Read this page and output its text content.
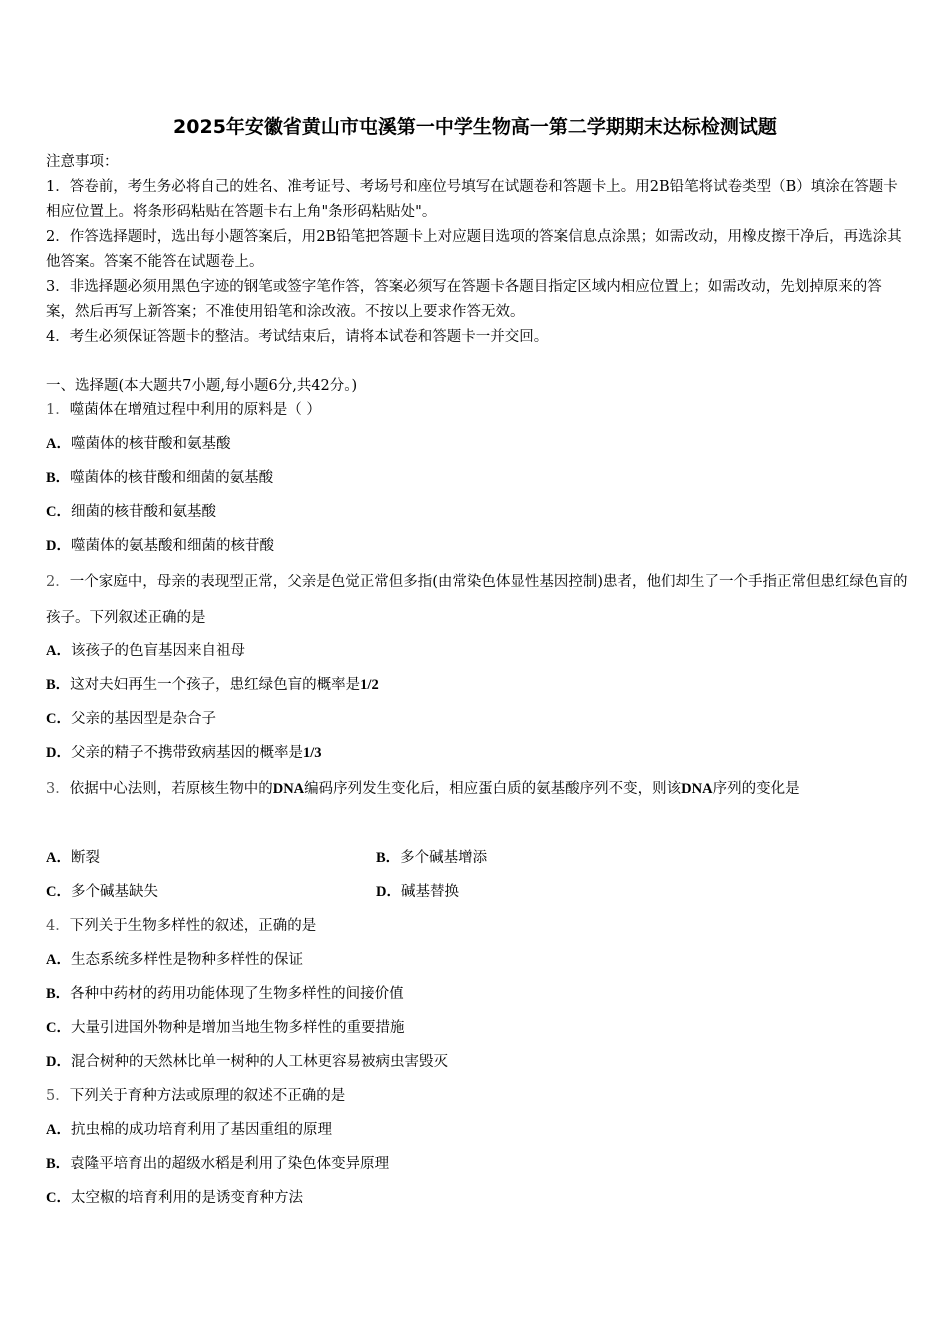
2025年安徽省黄山市屯溪第一中学生物高一第二学期期末达标检测试题

注意事项：

1．答卷前，考生务必将自己的姓名、准考证号、考场号和座位号填写在试题卷和答题卡上。用2B铅笔将试卷类型（B）填涂在答题卡相应位置上。将条形码粘贴在答题卡右上角"条形码粘贴处"。

2．作答选择题时，选出每小题答案后，用2B铅笔把答题卡上对应题目选项的答案信息点涂黑；如需改动，用橡皮擦干净后，再选涂其他答案。答案不能答在试题卷上。

3．非选择题必须用黑色字迹的钢笔或签字笔作答，答案必须写在答题卡各题目指定区域内相应位置上；如需改动，先划掉原来的答案，然后再写上新答案；不准使用铅笔和涂改液。不按以上要求作答无效。

4．考生必须保证答题卡的整洁。考试结束后，请将本试卷和答题卡一并交回。

一、选择题(本大题共7小题,每小题6分,共42分。)
1．噬菌体在增殖过程中利用的原料是（ ）
A．噬菌体的核苷酸和氨基酸
B．噬菌体的核苷酸和细菌的氨基酸
C．细菌的核苷酸和氨基酸
D．噬菌体的氨基酸和细菌的核苷酸
2．一个家庭中，母亲的表现型正常，父亲是色觉正常但多指(由常染色体显性基因控制)患者，他们却生了一个手指正常但患红绿色盲的孩子。下列叙述正确的是
A．该孩子的色盲基因来自祖母
B．这对夫妇再生一个孩子，患红绿色盲的概率是1/2
C．父亲的基因型是杂合子
D．父亲的精子不携带致病基因的概率是1/3
3．依据中心法则，若原核生物中的DNA编码序列发生变化后，相应蛋白质的氨基酸序列不变，则该DNA序列的变化是
A．断裂	B．多个碱基增添
C．多个碱基缺失	D．碱基替换
4．下列关于生物多样性的叙述，正确的是
A．生态系统多样性是物种多样性的保证
B．各种中药材的药用功能体现了生物多样性的间接价值
C．大量引进国外物种是增加当地生物多样性的重要措施
D．混合树种的天然林比单一树种的人工林更容易被病虫害毁灭
5．下列关于育种方法或原理的叙述不正确的是
A．抗虫棉的成功培育利用了基因重组的原理
B．袁隆平培育出的超级水稻是利用了染色体变异原理
C．太空椒的培育利用的是诱变育种方法
